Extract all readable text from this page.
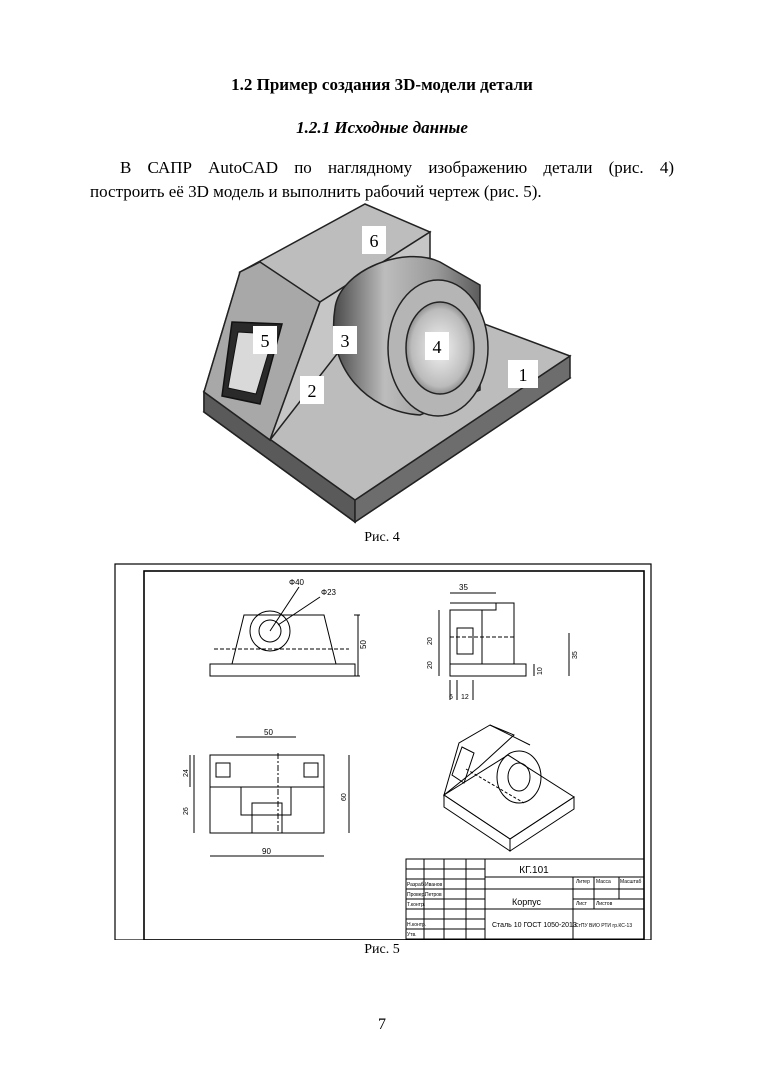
1.2 Пример создания 3D-модели детали
1.2.1 Исходные данные
В САПР AutoCAD по наглядному изображению детали (рис. 4)
построить её 3D модель и выполнить рабочий чертеж (рис. 5).
6
3	4
5
2
1
Рис. 4
Ф40
Ф23
50
35
20
20
35
10
6 12
50
24
26
60
90
КГ.101
Корпус
Сталь 10 ГОСТ 1050-2013
Литер Масса Масштаб
Лист Листов
СтПУ ВИО РТИ гр.КС-13
Разраб.
Провер.
Т.контр.
Н.контр.
Утв.
Иванов
Петров
Рис. 5
7
